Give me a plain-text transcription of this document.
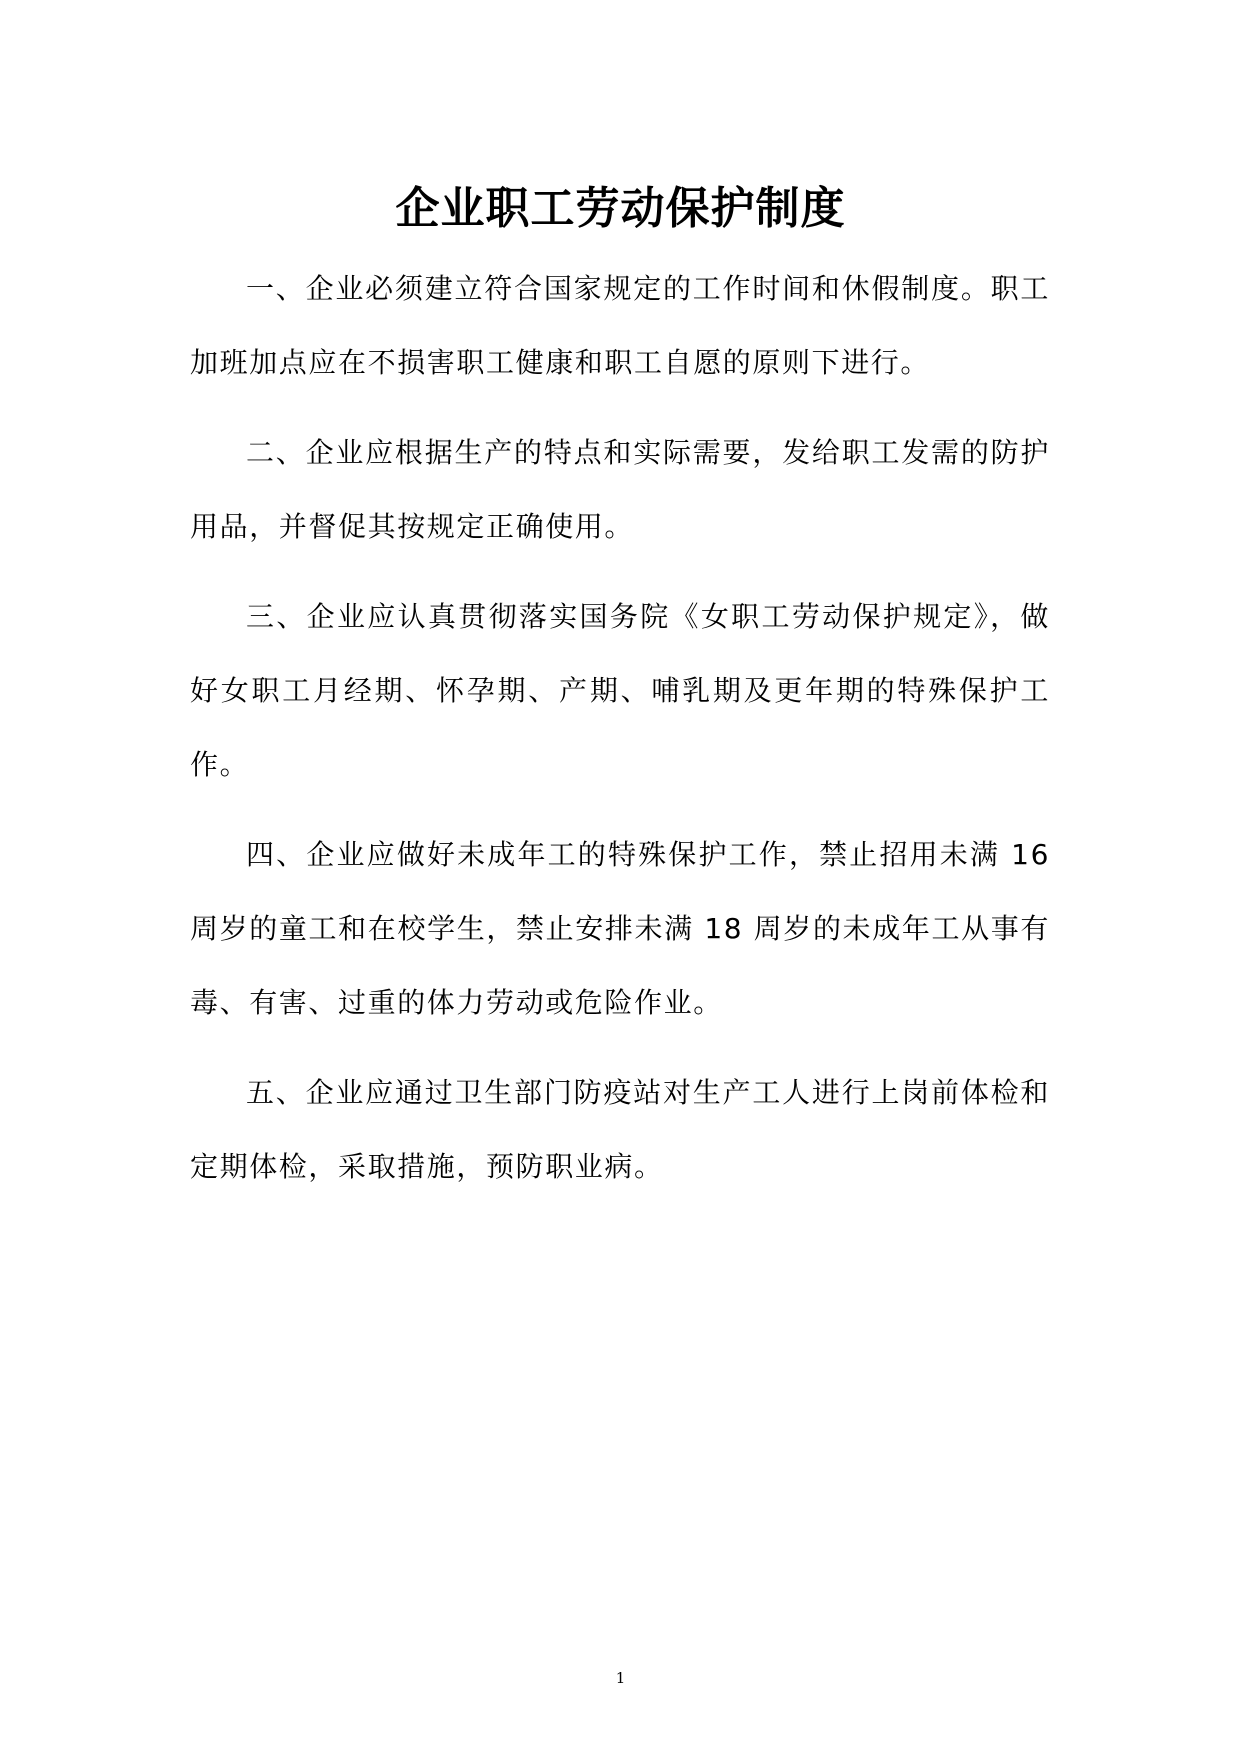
企业职工劳动保护制度

一、企业必须建立符合国家规定的工作时间和休假制度。职工加班加点应在不损害职工健康和职工自愿的原则下进行。

二、企业应根据生产的特点和实际需要，发给职工发需的防护用品，并督促其按规定正确使用。

三、企业应认真贯彻落实国务院《女职工劳动保护规定》，做好女职工月经期、怀孕期、产期、哺乳期及更年期的特殊保护工作。

四、企业应做好未成年工的特殊保护工作，禁止招用未满 16 周岁的童工和在校学生，禁止安排未满 18 周岁的未成年工从事有毒、有害、过重的体力劳动或危险作业。

五、企业应通过卫生部门防疫站对生产工人进行上岗前体检和定期体检，采取措施，预防职业病。

1
